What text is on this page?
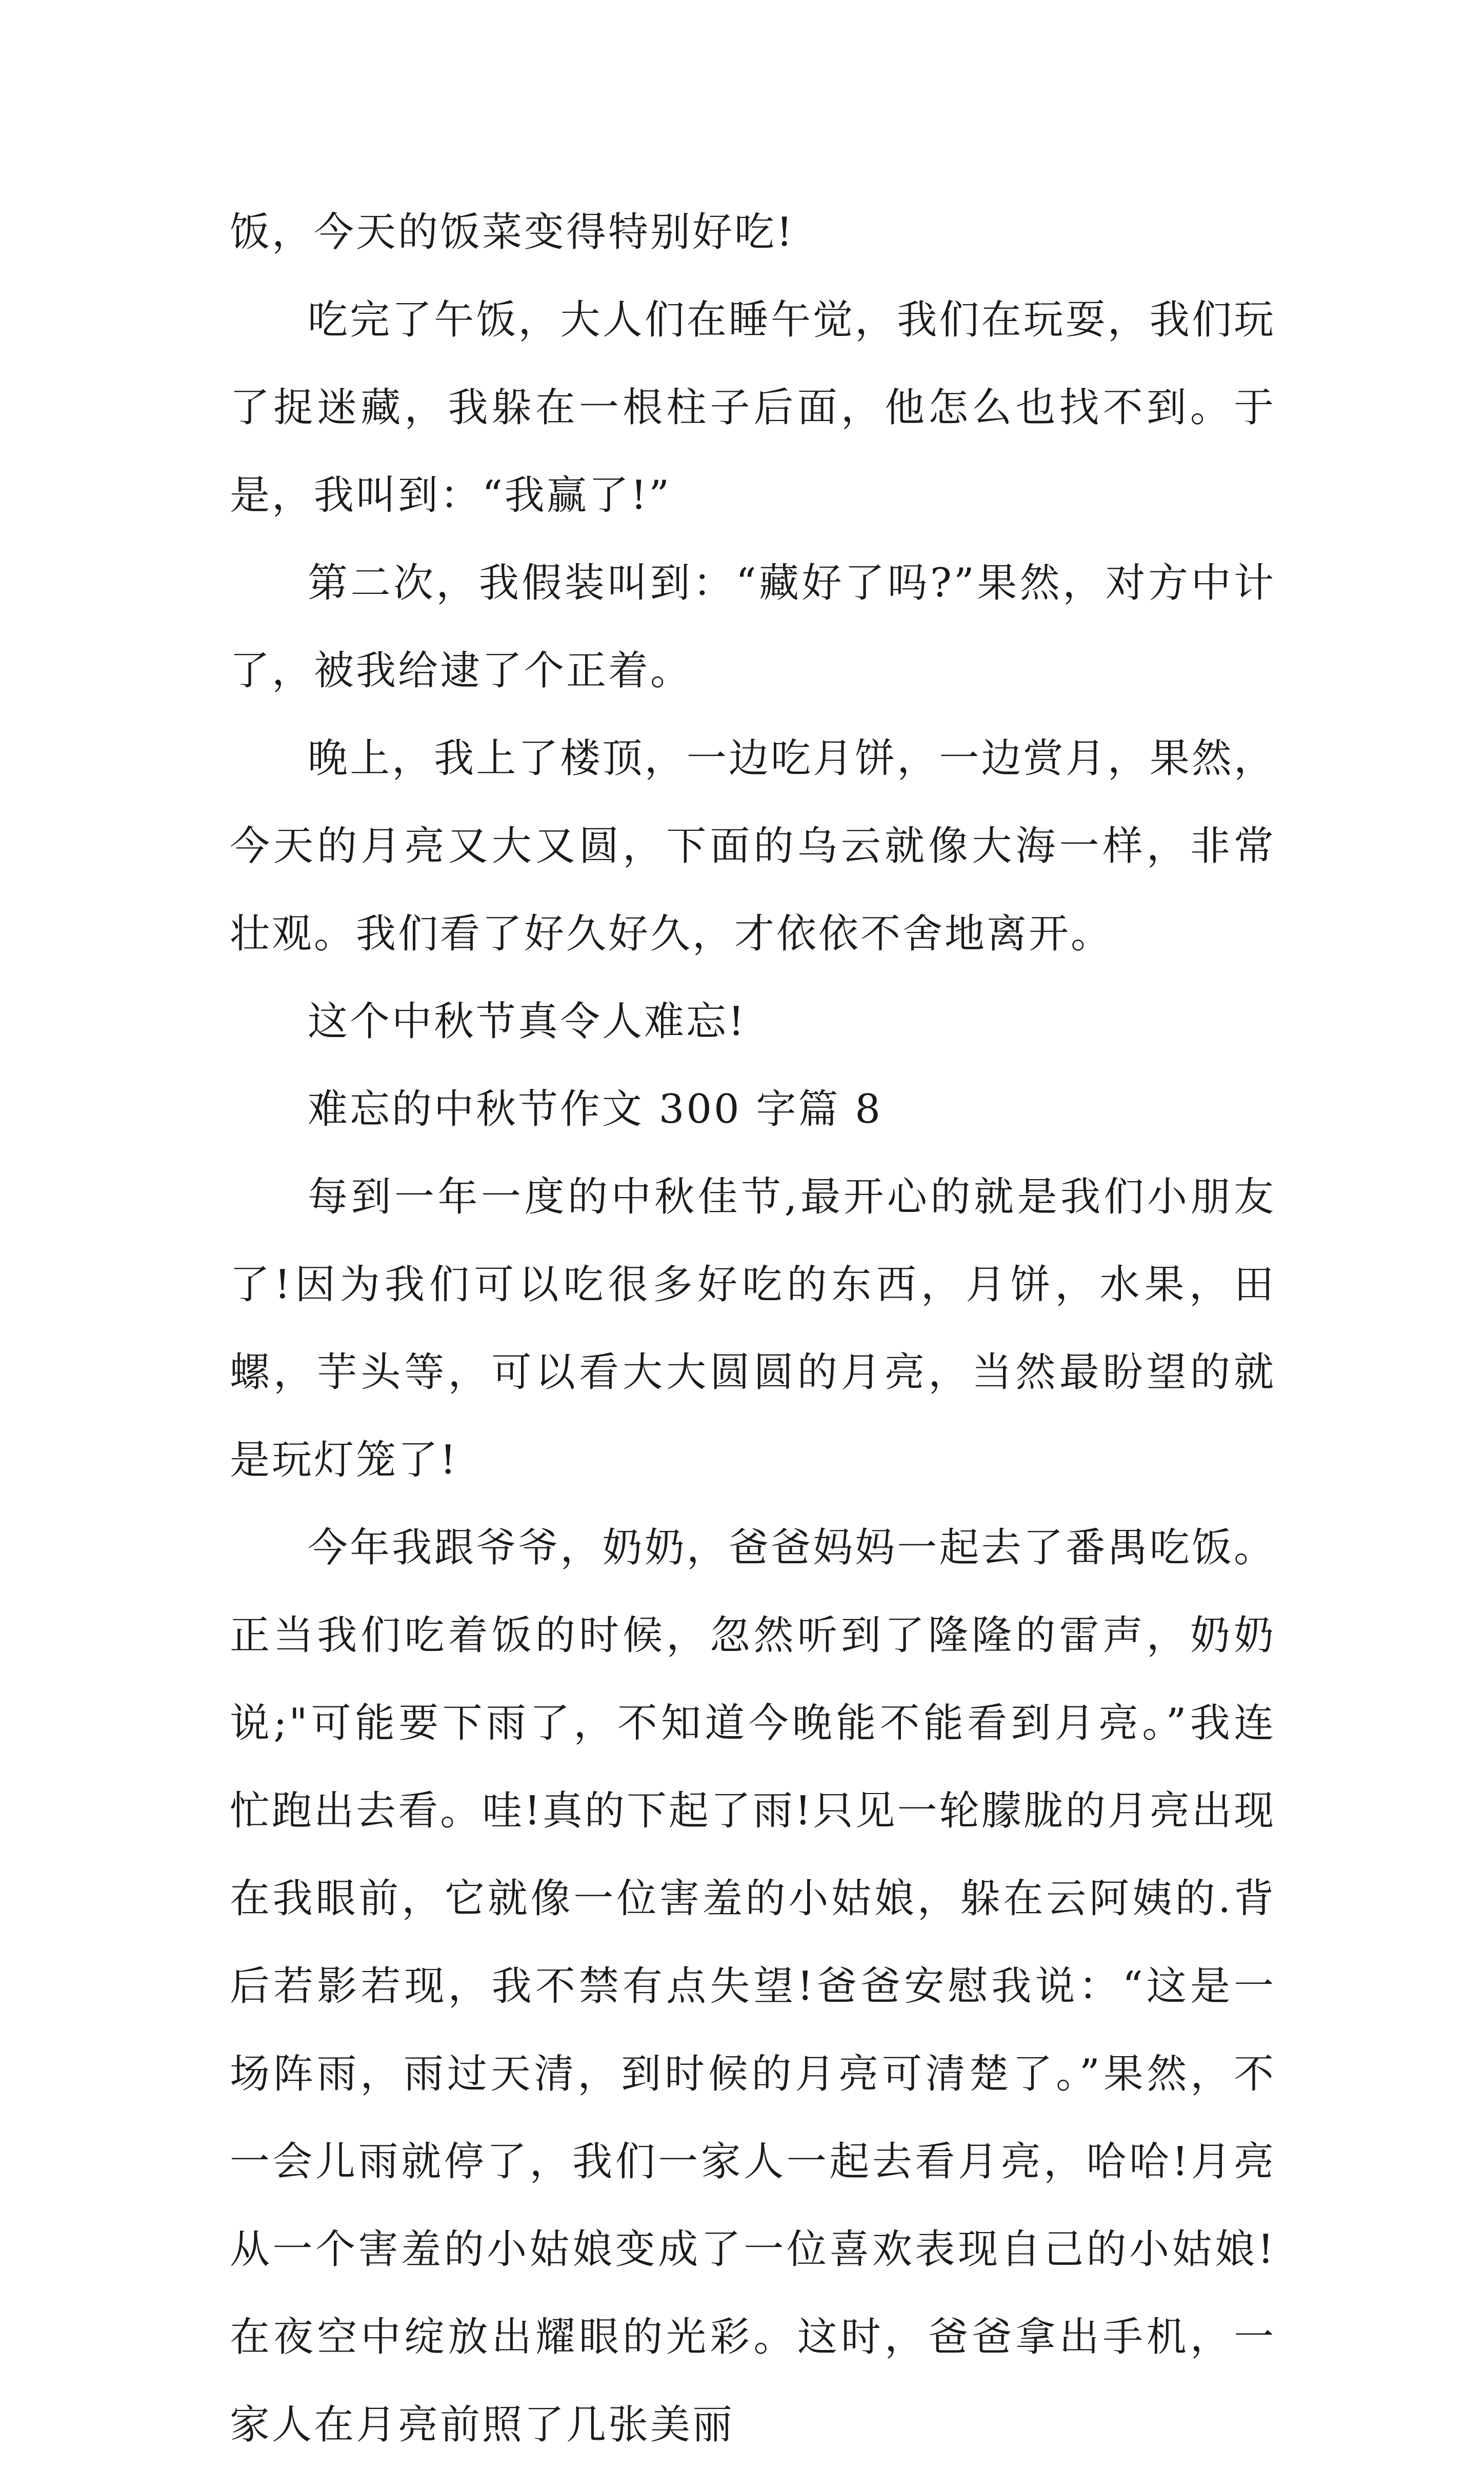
饭，今天的饭菜变得特别好吃!

吃完了午饭，大人们在睡午觉，我们在玩耍，我们玩了捉迷藏，我躲在一根柱子后面，他怎么也找不到。于是，我叫到：“我赢了!”

第二次，我假装叫到：“藏好了吗?”果然，对方中计了，被我给逮了个正着。

晚上，我上了楼顶，一边吃月饼，一边赏月，果然，今天的月亮又大又圆，下面的乌云就像大海一样，非常壮观。我们看了好久好久，才依依不舍地离开。

这个中秋节真令人难忘!

难忘的中秋节作文 300 字篇 8

每到一年一度的中秋佳节,最开心的就是我们小朋友了!因为我们可以吃很多好吃的东西，月饼，水果，田螺，芋头等，可以看大大圆圆的月亮，当然最盼望的就是玩灯笼了!

今年我跟爷爷，奶奶，爸爸妈妈一起去了番禺吃饭。正当我们吃着饭的时候，忽然听到了隆隆的雷声，奶奶说;"可能要下雨了，不知道今晚能不能看到月亮。”我连忙跑出去看。哇!真的下起了雨!只见一轮朦胧的月亮出现在我眼前，它就像一位害羞的小姑娘，躲在云阿姨的.背后若影若现，我不禁有点失望!爸爸安慰我说：“这是一场阵雨，雨过天清，到时候的月亮可清楚了。”果然，不一会儿雨就停了，我们一家人一起去看月亮，哈哈!月亮从一个害羞的小姑娘变成了一位喜欢表现自己的小姑娘!在夜空中绽放出耀眼的光彩。这时，爸爸拿出手机，一家人在月亮前照了几张美丽
